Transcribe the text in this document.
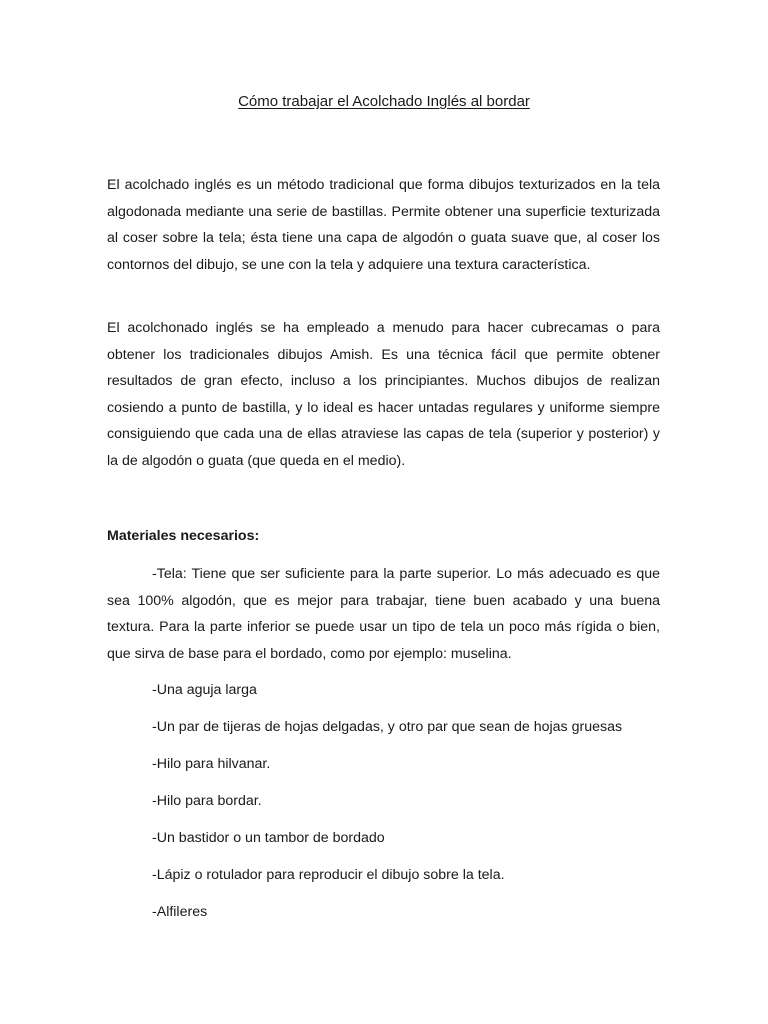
Cómo trabajar el Acolchado Inglés al bordar

El acolchado inglés es un método tradicional que forma dibujos texturizados en la tela algodonada mediante una serie de bastillas. Permite obtener una superficie texturizada al coser sobre la tela; ésta tiene una capa de algodón o guata suave que, al coser los contornos del dibujo, se une con la tela y adquiere una textura característica.

El acolchonado inglés se ha empleado a menudo para hacer cubrecamas o para obtener los tradicionales dibujos Amish. Es una técnica fácil que permite obtener resultados de gran efecto, incluso a los principiantes. Muchos dibujos de realizan cosiendo a punto de bastilla, y lo ideal es hacer untadas regulares y uniforme siempre consiguiendo que cada una de ellas atraviese las capas de tela (superior y posterior) y la de algodón o guata (que queda en el medio).

Materiales necesarios:

-Tela: Tiene que ser suficiente para la parte superior. Lo más adecuado es que sea 100% algodón, que es mejor para trabajar, tiene buen acabado y una buena textura. Para la parte inferior se puede usar un tipo de tela un poco más rígida o bien, que sirva de base para el bordado, como por ejemplo: muselina.

-Una aguja larga

-Un par de tijeras de hojas delgadas, y otro par que sean de hojas gruesas

-Hilo para hilvanar.

-Hilo para bordar.

-Un bastidor o un tambor de bordado

-Lápiz o rotulador para reproducir el dibujo sobre la tela.

-Alfileres
